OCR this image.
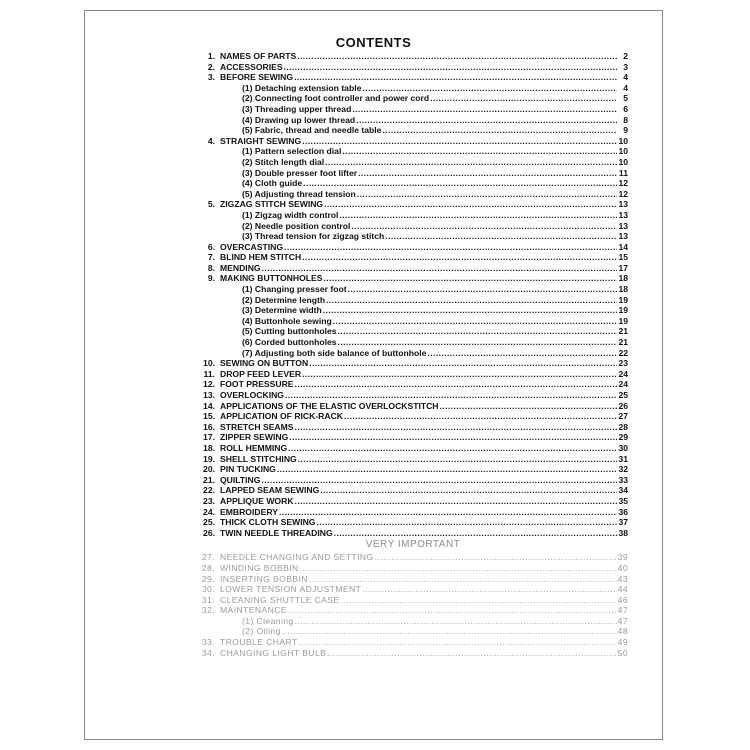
CONTENTS
1. NAMES OF PARTS .....	2
2. ACCESSORIES .....	3
3. BEFORE SEWING .....	4
(1) Detaching extension table .....	4
(2) Connecting foot controller and power cord .....	5
(3) Threading upper thread .....	6
(4) Drawing up lower thread .....	8
(5) Fabric, thread and needle table .....	9
4. STRAIGHT SEWING .....	10
(1) Pattern selection dial .....	10
(2) Stitch length dial .....	10
(3) Double presser foot lifter .....	11
(4) Cloth guide .....	12
(5) Adjusting thread tension .....	12
5. ZIGZAG STITCH SEWING .....	13
(1) Zigzag width control .....	13
(2) Needle position control .....	13
(3) Thread tension for zigzag stitch .....	13
6. OVERCASTING .....	14
7. BLIND HEM STITCH .....	15
8. MENDING .....	17
9. MAKING BUTTONHOLES .....	18
(1) Changing presser foot .....	18
(2) Determine length .....	19
(3) Determine width .....	19
(4) Buttonhole sewing .....	19
(5) Cutting buttonholes .....	21
(6) Corded buttonholes .....	21
(7) Adjusting both side balance of buttonhole .....	22
10. SEWING ON BUTTON .....	23
11. DROP FEED LEVER .....	24
12. FOOT PRESSURE .....	24
13. OVERLOCKING .....	25
14. APPLICATIONS OF THE ELASTIC OVERLOCKSTITCH .....	26
15. APPLICATION OF RICK-RACK .....	27
16. STRETCH SEAMS .....	28
17. ZIPPER SEWING .....	29
18. ROLL HEMMING .....	30
19. SHELL STITCHING .....	31
20. PIN TUCKING .....	32
21. QUILTING .....	33
22. LAPPED SEAM SEWING .....	34
23. APPLIQUE WORK .....	35
24. EMBROIDERY .....	36
25. THICK CLOTH SEWING .....	37
26. TWIN NEEDLE THREADING .....	38
VERY IMPORTANT
27. NEEDLE CHANGING AND SETTING .....	39
28. WINDING BOBBIN .....	40
29. INSERTING BOBBIN .....	43
30. LOWER TENSION ADJUSTMENT .....	44
31. CLEANING SHUTTLE CASE .....	46
32. MAINTENANCE .....	47
(1) Cleaning .....	47
(2) Oiling .....	48
33. TROUBLE CHART .....	49
34. CHANGING LIGHT BULB .....	50
